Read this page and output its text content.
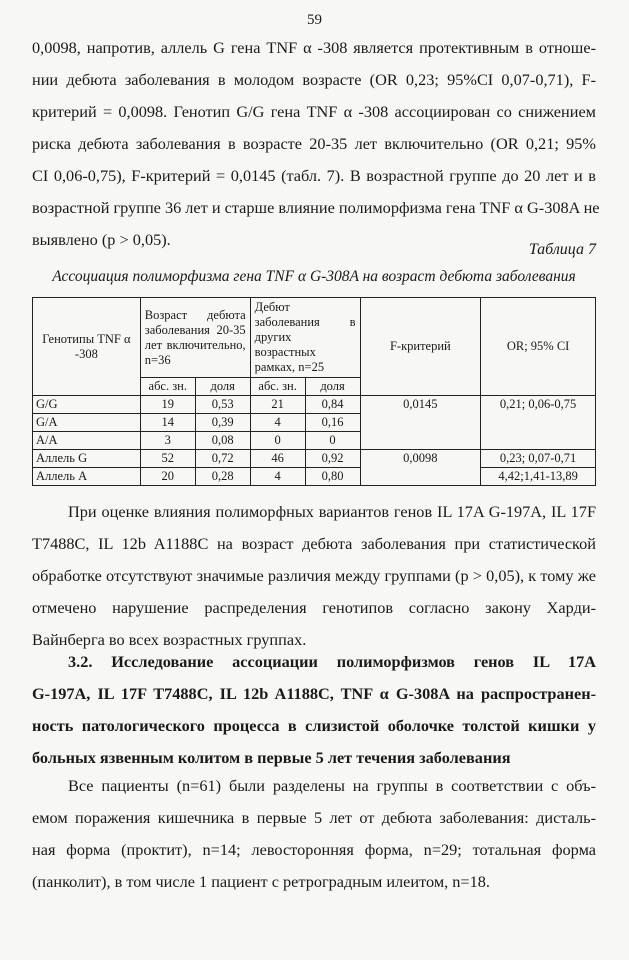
59
0,0098, напротив, аллель G гена TNF α -308 является протективным в отноше-
нии дебюта заболевания в молодом возрасте (OR 0,23; 95%CI 0,07-0,71), F-
критерий = 0,0098. Генотип G/G гена TNF α -308 ассоциирован со снижением
риска дебюта заболевания в возрасте 20-35 лет включительно (OR 0,21; 95%
CI 0,06-0,75), F-критерий = 0,0145 (табл. 7). В возрастной группе до 20 лет и в
возрастной группе 36 лет и старше влияние полиморфизма гена TNF α G-308A не
выявлено (р > 0,05).
Таблица 7
Ассоциация полиморфизма гена TNF α G-308A на возраст дебюта заболевания
Генотипы TNF α -308	Возраст дебюта заболевания 20-35 лет включительно, n=36		Дебют заболевания в других возрастных рамках, n=25		F-критерий	OR; 95% CI
	абс. зн.	доля	абс. зн.	доля		
G/G	19	0,53	21	0,84	0,0145	0,21; 0,06-0,75
G/A	14	0,39	4	0,16		
A/A	3	0,08	0	0		
Аллель G	52	0,72	46	0,92	0,0098	0,23; 0,07-0,71
Аллель А	20	0,28	4	0,80		4,42;1,41-13,89
При оценке влияния полиморфных вариантов генов IL 17A G-197A, IL 17F
T7488C, IL 12b A1188C на возраст дебюта заболевания при статистической
обработке отсутствуют значимые различия между группами (р > 0,05), к тому же
отмечено нарушение распределения генотипов согласно закону Харди-
Вайнберга во всех возрастных группах.
3.2. Исследование ассоциации полиморфизмов генов IL 17A
G-197A, IL 17F T7488C, IL 12b A1188C, TNF α G-308A на распространен-
ность патологического процесса в слизистой оболочке толстой кишки у
больных язвенным колитом в первые 5 лет течения заболевания
Все пациенты (n=61) были разделены на группы в соответствии с объ-
емом поражения кишечника в первые 5 лет от дебюта заболевания: дисталь-
ная форма (проктит), n=14; левосторонняя форма, n=29; тотальная форма
(панколит), в том числе 1 пациент с ретроградным илеитом, n=18.
